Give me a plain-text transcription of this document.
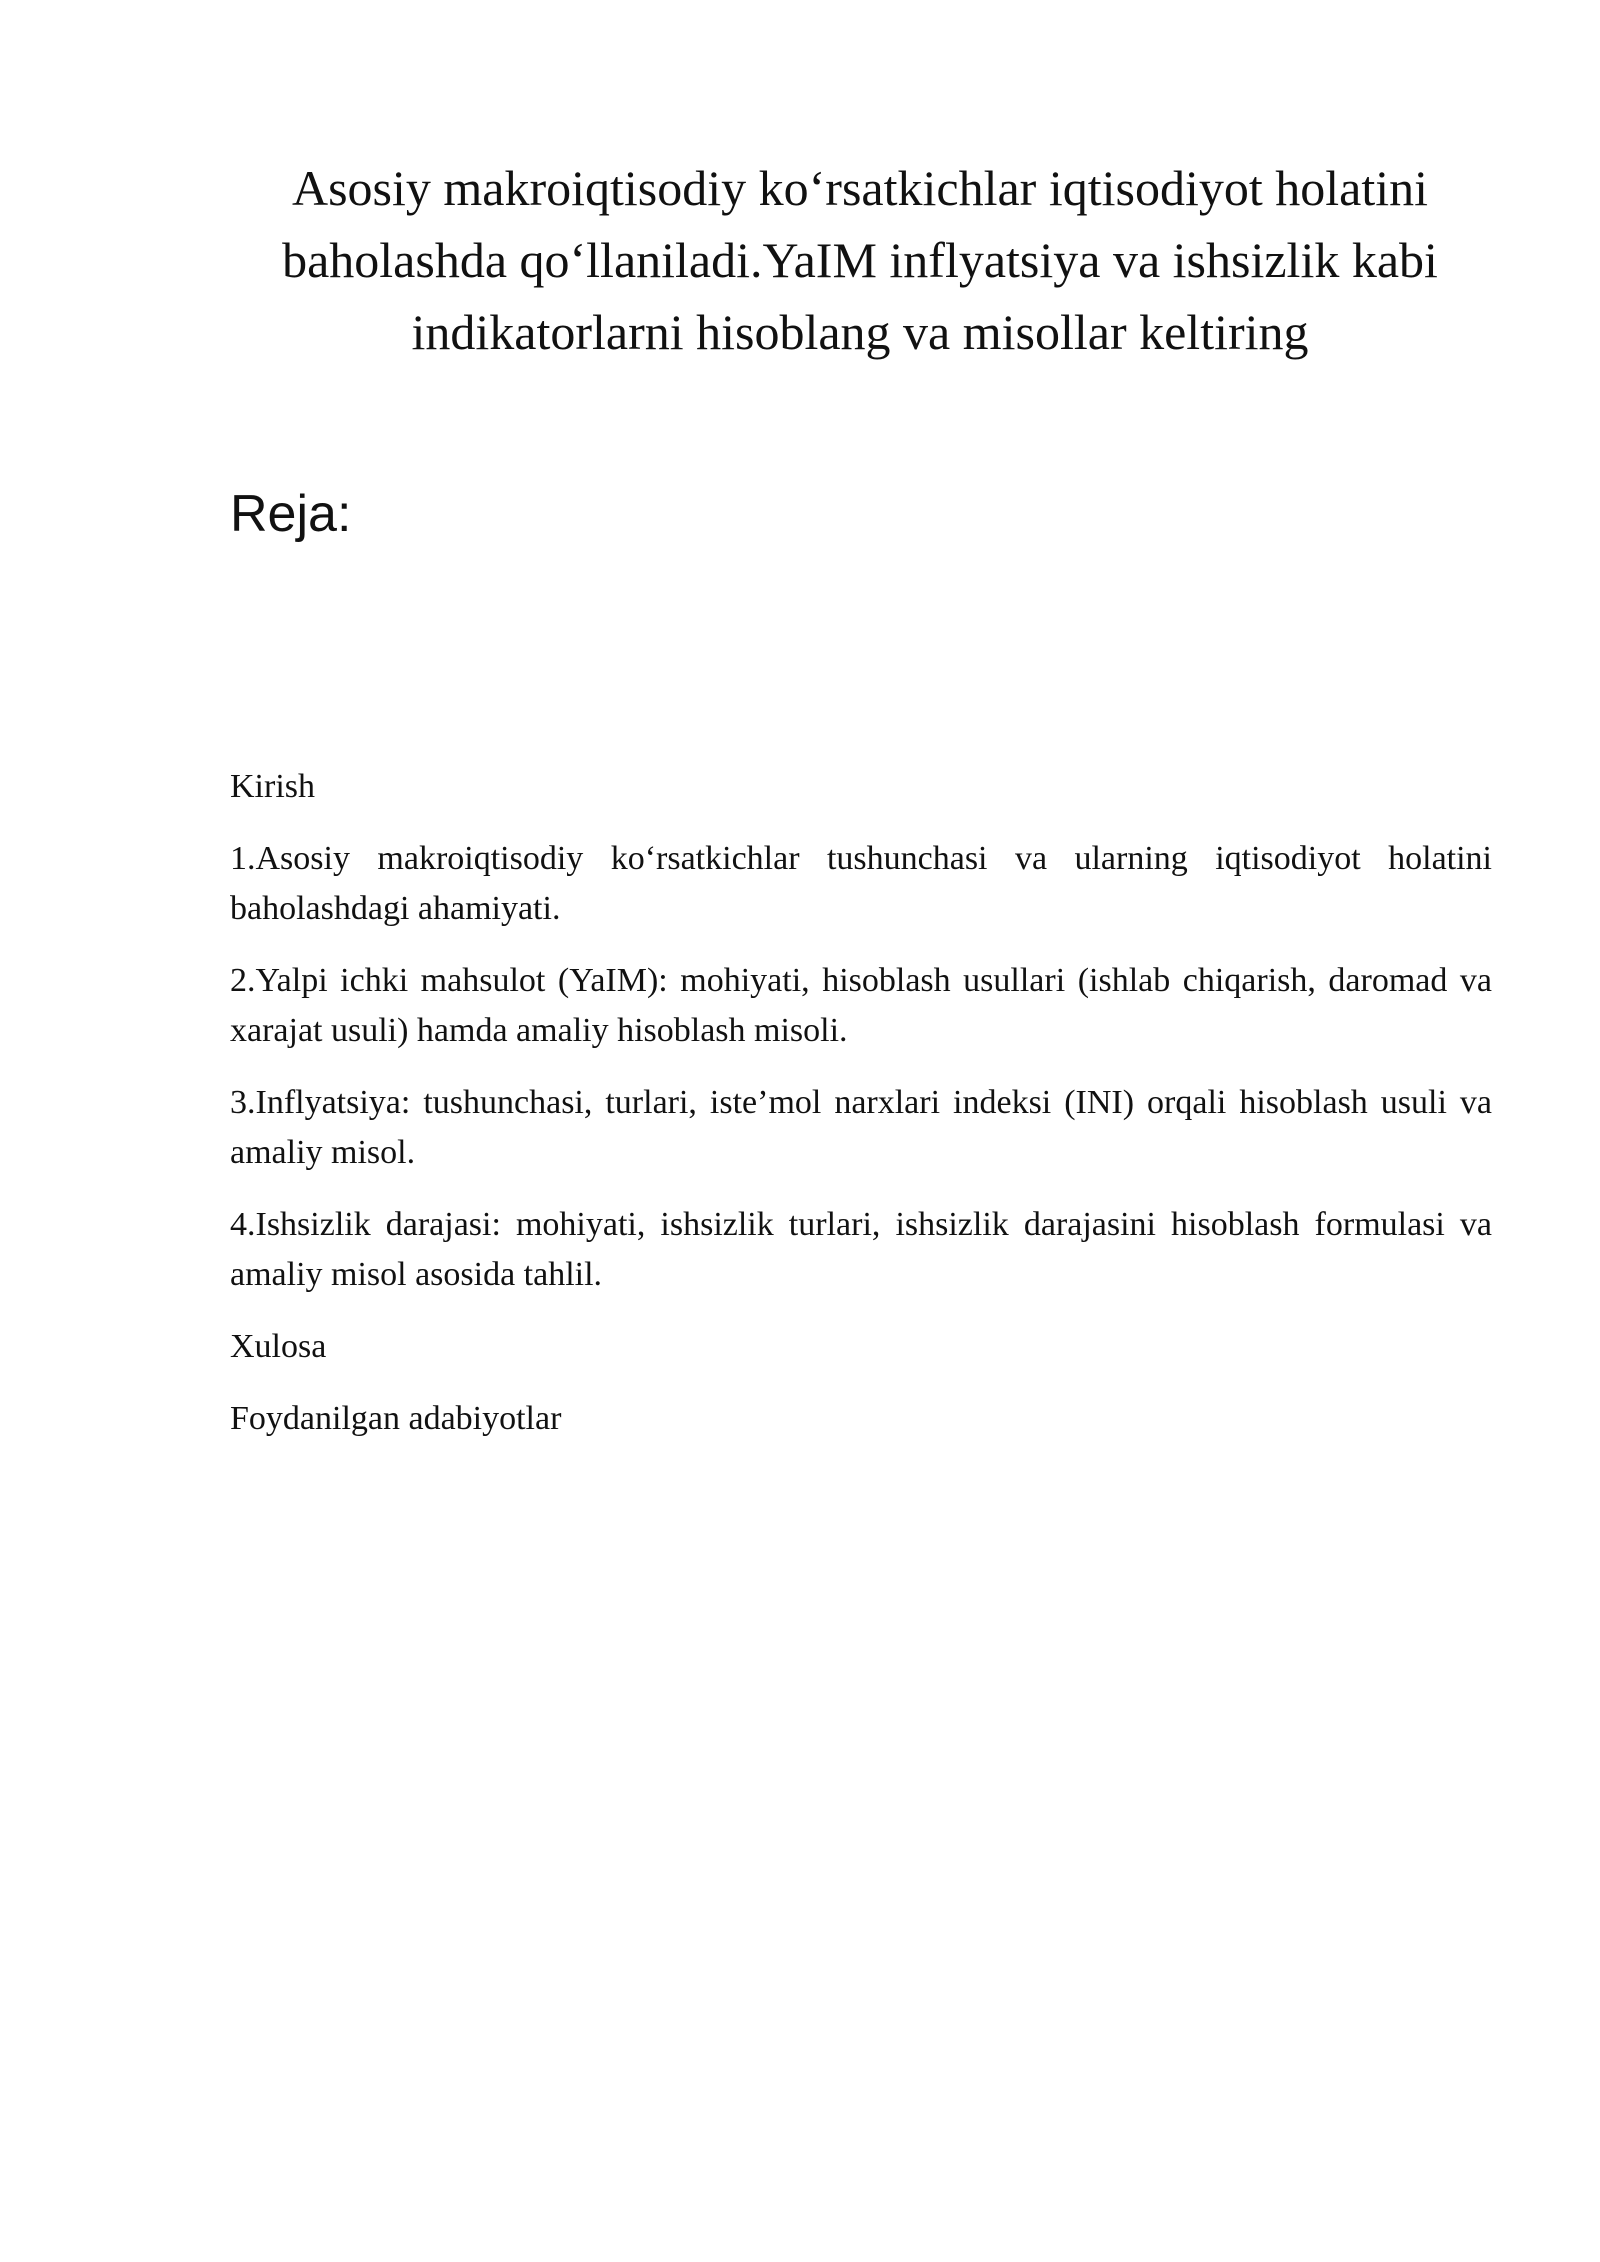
Asosiy makroiqtisodiy ko‘rsatkichlar iqtisodiyot holatini baholashda qo‘llaniladi.YaIM inflyatsiya va ishsizlik kabi indikatorlarni hisoblang va misollar keltiring
Reja:
Kirish
1.Asosiy makroiqtisodiy ko‘rsatkichlar tushunchasi va ularning iqtisodiyot holatini baholashdagi ahamiyati.
2.Yalpi ichki mahsulot (YaIM): mohiyati, hisoblash usullari (ishlab chiqarish, daromad va xarajat usuli) hamda amaliy hisoblash misoli.
3.Inflyatsiya: tushunchasi, turlari, iste’mol narxlari indeksi (INI) orqali hisoblash usuli va amaliy misol.
4.Ishsizlik darajasi: mohiyati, ishsizlik turlari, ishsizlik darajasini hisoblash formulasi va amaliy misol asosida tahlil.
Xulosa
Foydanilgan adabiyotlar
